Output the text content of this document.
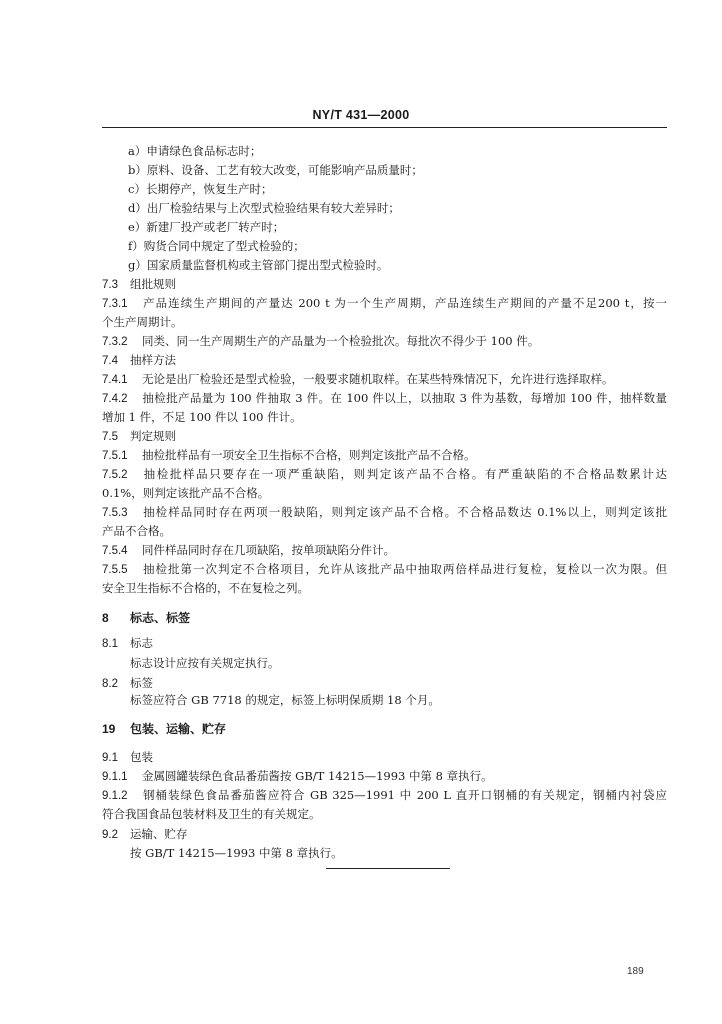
NY/T 431—2000
a）申请绿色食品标志时；
b）原料、设备、工艺有较大改变，可能影响产品质量时；
c）长期停产，恢复生产时；
d）出厂检验结果与上次型式检验结果有较大差异时；
e）新建厂投产或老厂转产时；
f）购货合同中规定了型式检验的；
g）国家质量监督机构或主管部门提出型式检验时。
7.3 组批规则
7.3.1 产品连续生产期间的产量达 200 t 为一个生产周期，产品连续生产期间的产量不足200 t，按一
个生产周期计。
7.3.2 同类、同一生产周期生产的产品量为一个检验批次。每批次不得少于 100 件。
7.4 抽样方法
7.4.1 无论是出厂检验还是型式检验，一般要求随机取样。在某些特殊情况下，允许进行选择取样。
7.4.2 抽检批产品量为 100 件抽取 3 件。在 100 件以上，以抽取 3 件为基数，每增加 100 件，抽样数量
增加 1 件，不足 100 件以 100 件计。
7.5 判定规则
7.5.1 抽检批样品有一项安全卫生指标不合格，则判定该批产品不合格。
7.5.2 抽检批样品只要存在一项严重缺陷，则判定该产品不合格。有严重缺陷的不合格品数累计达
0.1%，则判定该批产品不合格。
7.5.3 抽检样品同时存在两项一般缺陷，则判定该产品不合格。不合格品数达 0.1%以上，则判定该批
产品不合格。
7.5.4 同件样品同时存在几项缺陷，按单项缺陷分件计。
7.5.5 抽检批第一次判定不合格项目，允许从该批产品中抽取两倍样品进行复检，复检以一次为限。但
安全卫生指标不合格的，不在复检之列。
8 标志、标签
8.1 标志
标志设计应按有关规定执行。
8.2 标签
标签应符合 GB 7718 的规定，标签上标明保质期 18 个月。
19 包装、运输、贮存
9.1 包装
9.1.1 金属圆罐装绿色食品番茄酱按 GB/T 14215—1993 中第 8 章执行。
9.1.2 钢桶装绿色食品番茄酱应符合 GB 325—1991 中 200 L 直开口钢桶的有关规定，钢桶内衬袋应
符合我国食品包装材料及卫生的有关规定。
9.2 运输、贮存
按 GB/T 14215—1993 中第 8 章执行。
189
